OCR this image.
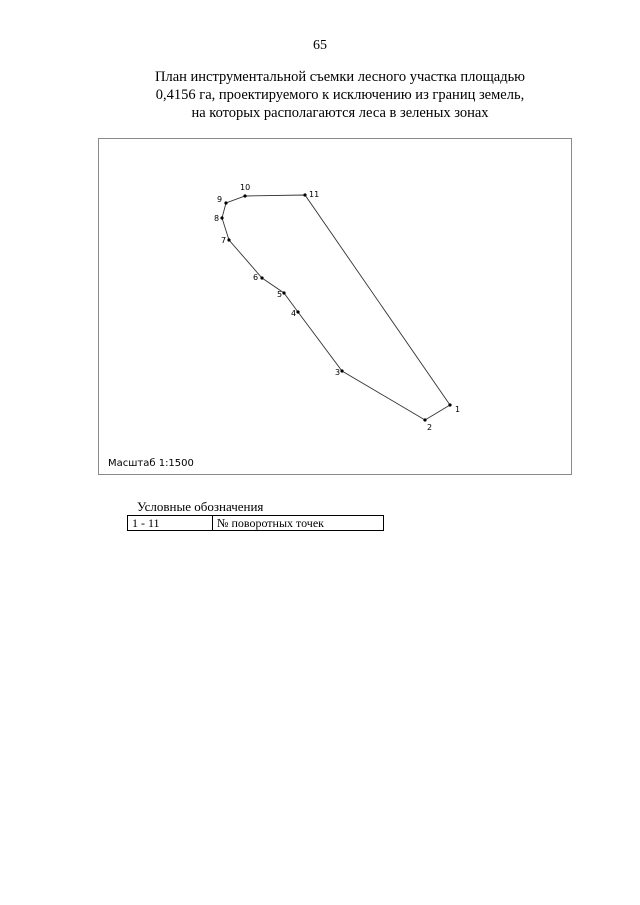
65
План инструментальной съемки лесного участка площадью
0,4156 га, проектируемого к исключению из границ земель,
на которых располагаются леса в зеленых зонах
1
2
3
4
5
6
7
8
9
10
11
Масштаб 1:1500
Условные обозначения
1 - 11	№ поворотных точек
